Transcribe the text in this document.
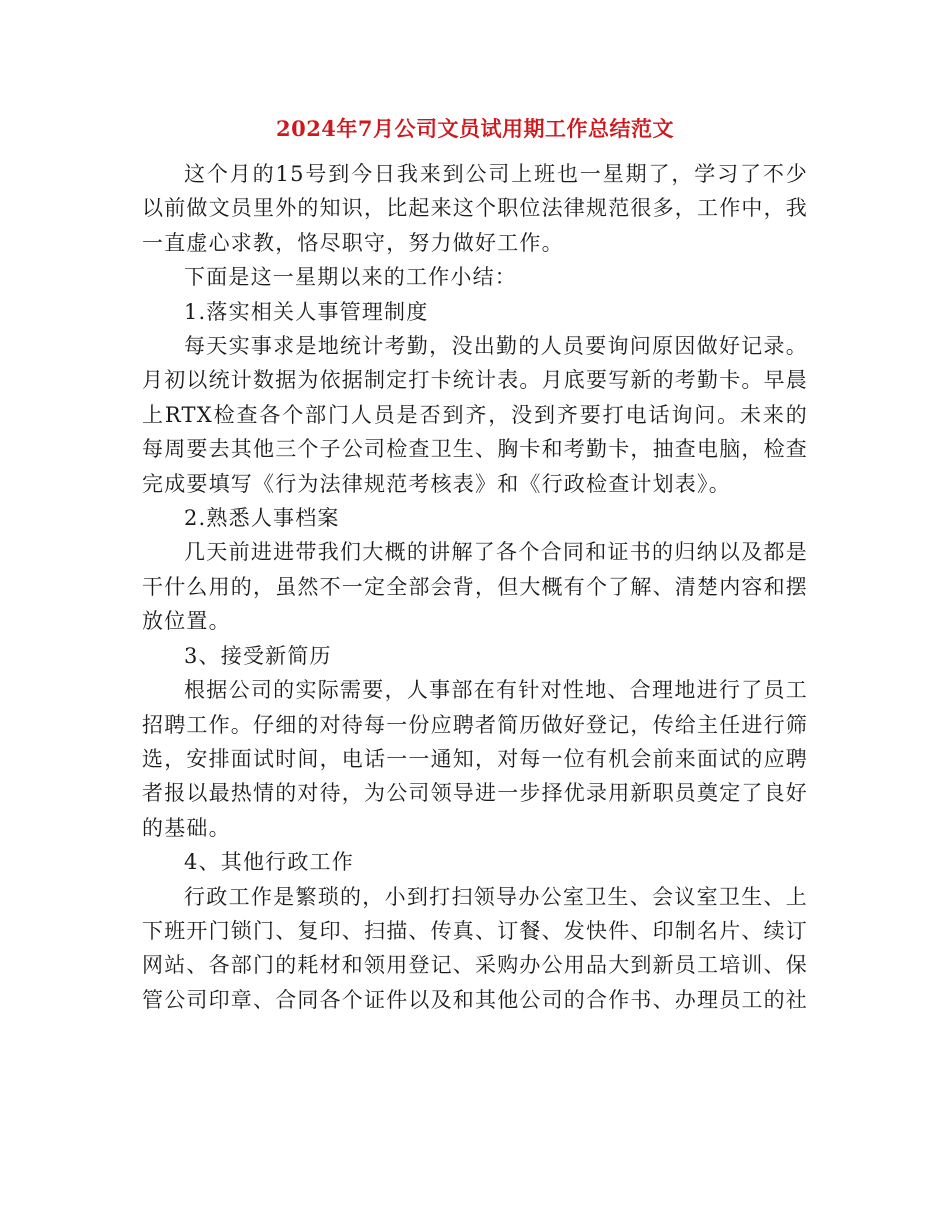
2024年7月公司文员试用期工作总结范文

这个月的15号到今日我来到公司上班也一星期了，学习了不少以前做文员里外的知识，比起来这个职位法律规范很多，工作中，我一直虚心求教，恪尽职守，努力做好工作。

下面是这一星期以来的工作小结：

1.落实相关人事管理制度

每天实事求是地统计考勤，没出勤的人员要询问原因做好记录。月初以统计数据为依据制定打卡统计表。月底要写新的考勤卡。早晨上RTX检查各个部门人员是否到齐，没到齐要打电话询问。未来的每周要去其他三个子公司检查卫生、胸卡和考勤卡，抽查电脑，检查完成要填写《行为法律规范考核表》和《行政检查计划表》。

2.熟悉人事档案

几天前进进带我们大概的讲解了各个合同和证书的归纳以及都是干什么用的，虽然不一定全部会背，但大概有个了解、清楚内容和摆放位置。

3、接受新简历

根据公司的实际需要，人事部在有针对性地、合理地进行了员工招聘工作。仔细的对待每一份应聘者简历做好登记，传给主任进行筛选，安排面试时间，电话一一通知，对每一位有机会前来面试的应聘者报以最热情的对待，为公司领导进一步择优录用新职员奠定了良好的基础。

4、其他行政工作

行政工作是繁琐的，小到打扫领导办公室卫生、会议室卫生、上下班开门锁门、复印、扫描、传真、订餐、发快件、印制名片、续订网站、各部门的耗材和领用登记、采购办公用品大到新员工培训、保管公司印章、合同各个证件以及和其他公司的合作书、办理员工的社
